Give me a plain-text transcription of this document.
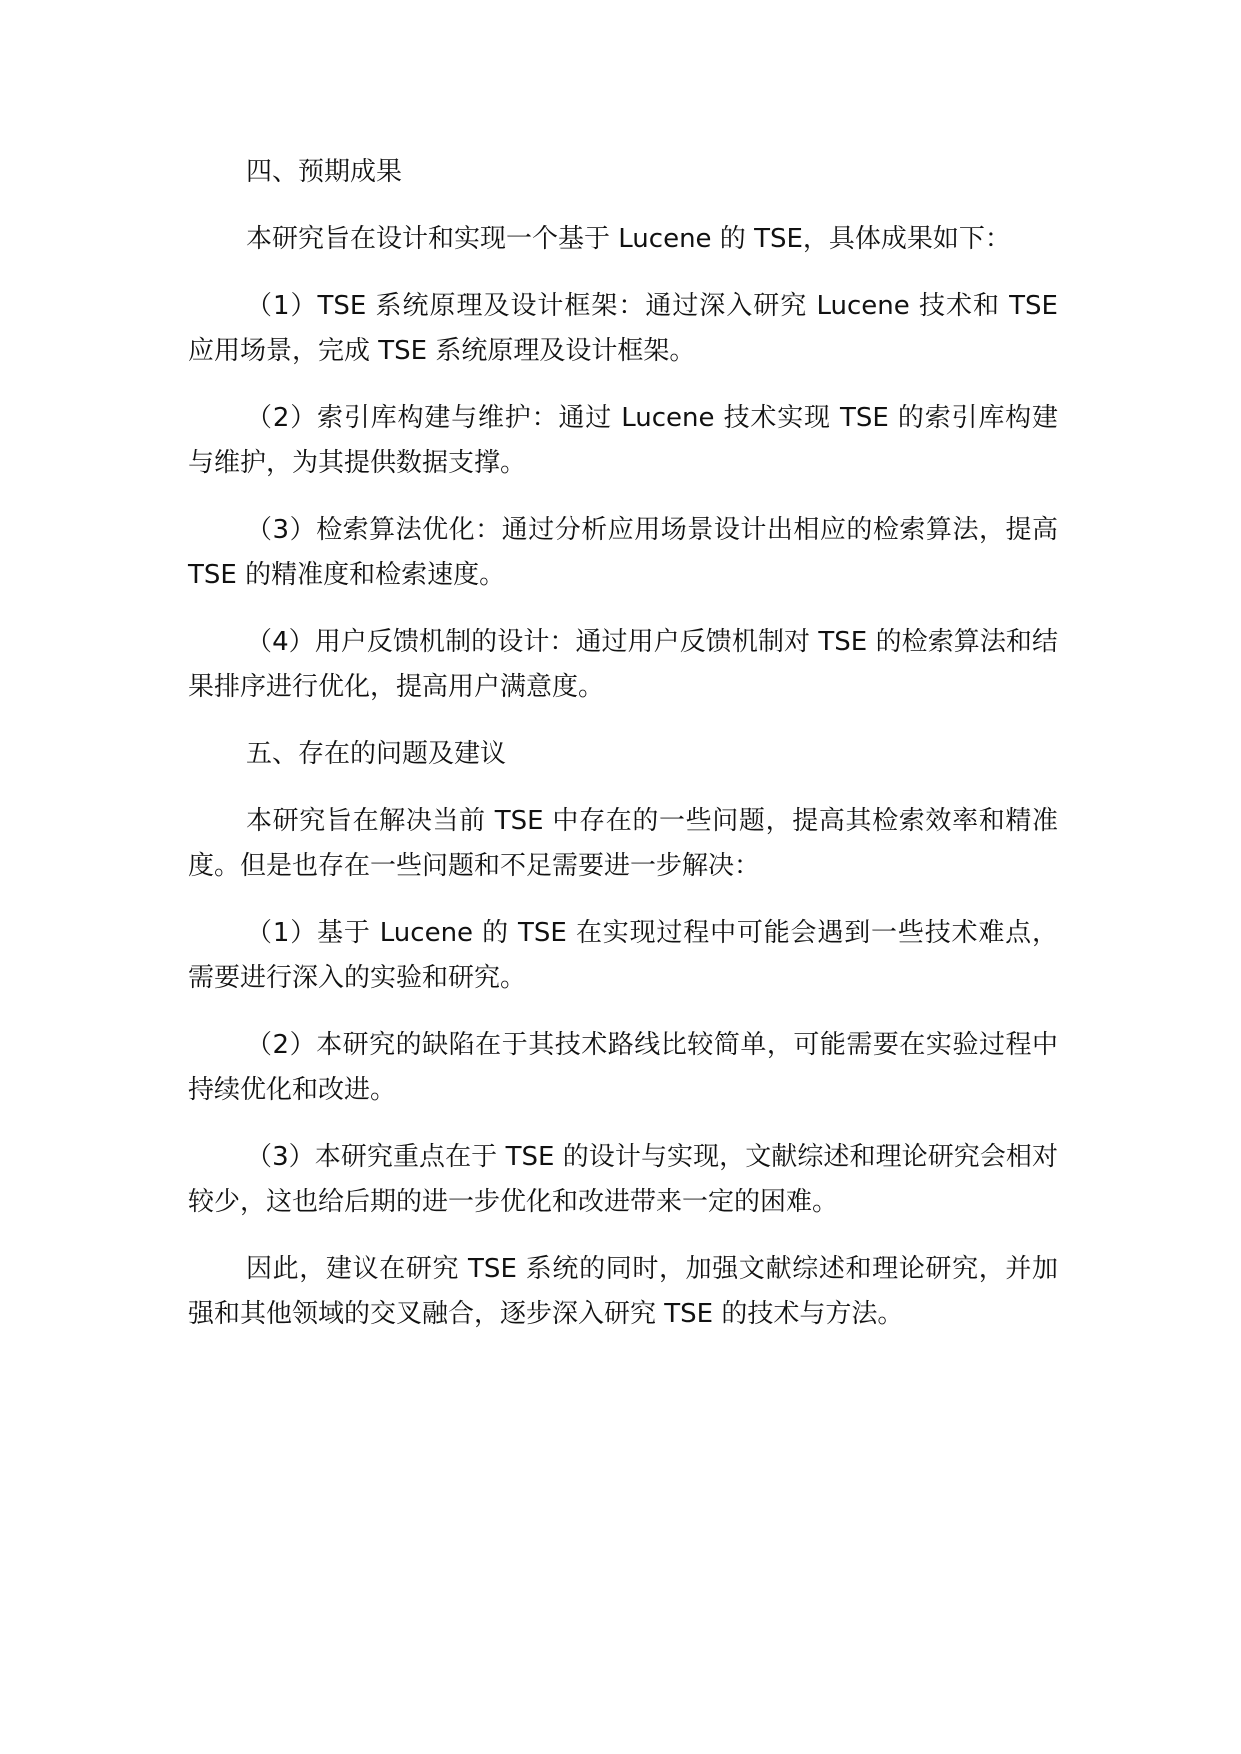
四、预期成果
本研究旨在设计和实现一个基于 Lucene 的 TSE，具体成果如下：
（1）TSE 系统原理及设计框架：通过深入研究 Lucene 技术和 TSE 应用场景，完成 TSE 系统原理及设计框架。
（2）索引库构建与维护：通过 Lucene 技术实现 TSE 的索引库构建与维护，为其提供数据支撑。
（3）检索算法优化：通过分析应用场景设计出相应的检索算法，提高 TSE 的精准度和检索速度。
（4）用户反馈机制的设计：通过用户反馈机制对 TSE 的检索算法和结果排序进行优化，提高用户满意度。
五、存在的问题及建议
本研究旨在解决当前 TSE 中存在的一些问题，提高其检索效率和精准度。但是也存在一些问题和不足需要进一步解决：
（1）基于 Lucene 的 TSE 在实现过程中可能会遇到一些技术难点，需要进行深入的实验和研究。
（2）本研究的缺陷在于其技术路线比较简单，可能需要在实验过程中持续优化和改进。
（3）本研究重点在于 TSE 的设计与实现，文献综述和理论研究会相对较少，这也给后期的进一步优化和改进带来一定的困难。
因此，建议在研究 TSE 系统的同时，加强文献综述和理论研究，并加强和其他领域的交叉融合，逐步深入研究 TSE 的技术与方法。
